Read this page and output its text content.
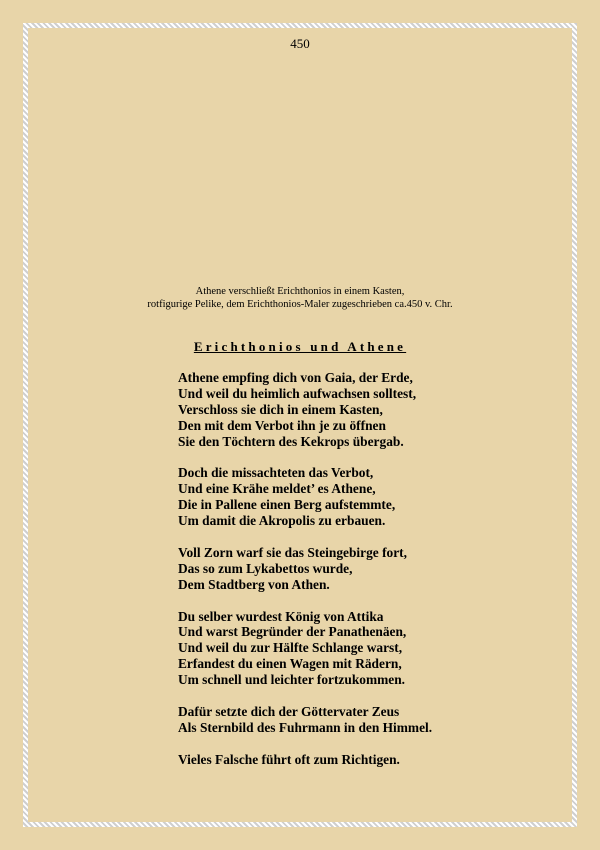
450
Athene verschließt Erichthonios in einem Kasten,
rotfigurige Pelike, dem Erichthonios-Maler zugeschrieben ca.450 v. Chr.
Erichthonios und Athene
Athene empfing dich von Gaia, der Erde,
Und weil du heimlich aufwachsen solltest,
Verschloss sie dich in einem Kasten,
Den mit dem Verbot ihn je zu öffnen
Sie den Töchtern des Kekrops übergab.
Doch die missachteten das Verbot,
Und eine Krähe meldet’ es Athene,
Die in Pallene einen Berg aufstemmte,
Um damit die Akropolis zu erbauen.
Voll Zorn warf sie das Steingebirge fort,
Das so zum Lykabettos wurde,
Dem Stadtberg von Athen.
Du selber wurdest König von Attika
Und warst Begründer der Panathenäen,
Und weil du zur Hälfte Schlange warst,
Erfandest du einen Wagen mit Rädern,
Um schnell und leichter fortzukommen.
Dafür setzte dich der Göttervater Zeus
Als Sternbild des Fuhrmann in den Himmel.
Vieles Falsche führt oft zum Richtigen.
